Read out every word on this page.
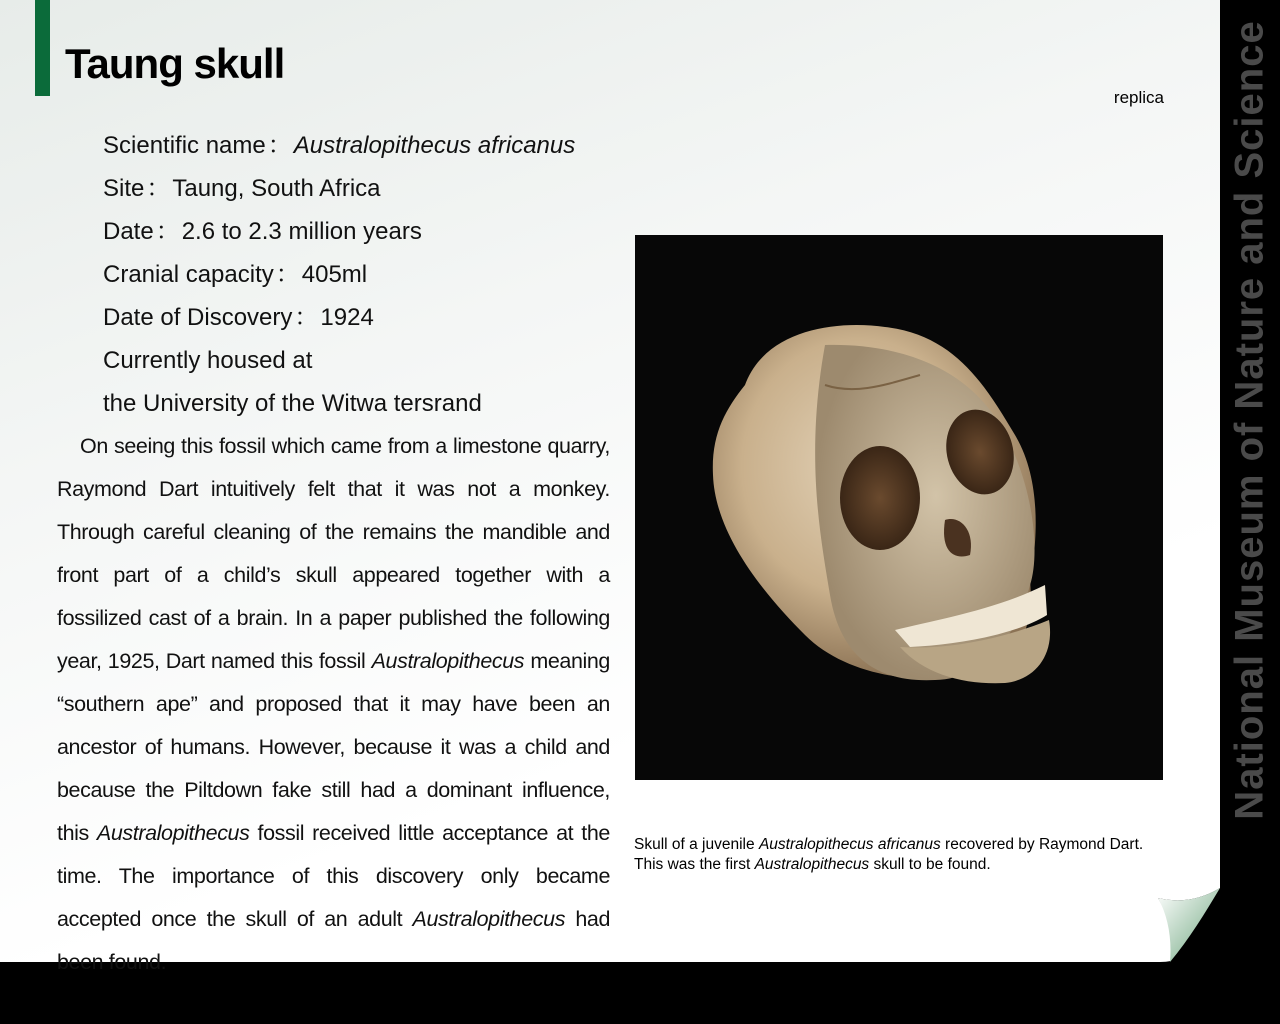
Taung skull
replica
Scientific name：Australopithecus africanus
Site：Taung, South Africa
Date：2.6 to 2.3 million years
Cranial capacity：405ml
Date of Discovery：1924
Currently housed at
the University of the Witwa tersrand

On seeing this fossil which came from a limestone quarry, Raymond Dart intuitively felt that it was not a monkey. Through careful cleaning of the remains the mandible and front part of a child’s skull appeared together with a fossilized cast of a brain. In a paper published the following year, 1925, Dart named this fossil Australopithecus meaning “southern ape” and proposed that it may have been an ancestor of humans. However, because it was a child and because the Piltdown fake still had a dominant influence, this Australopithecus fossil received little acceptance at the time. The importance of this discovery only became accepted once the skull of an adult Australopithecus had been found.

Skull of a juvenile Australopithecus africanus recovered by Raymond Dart.
This was the first Australopithecus skull to be found.
National Museum of Nature and Science
